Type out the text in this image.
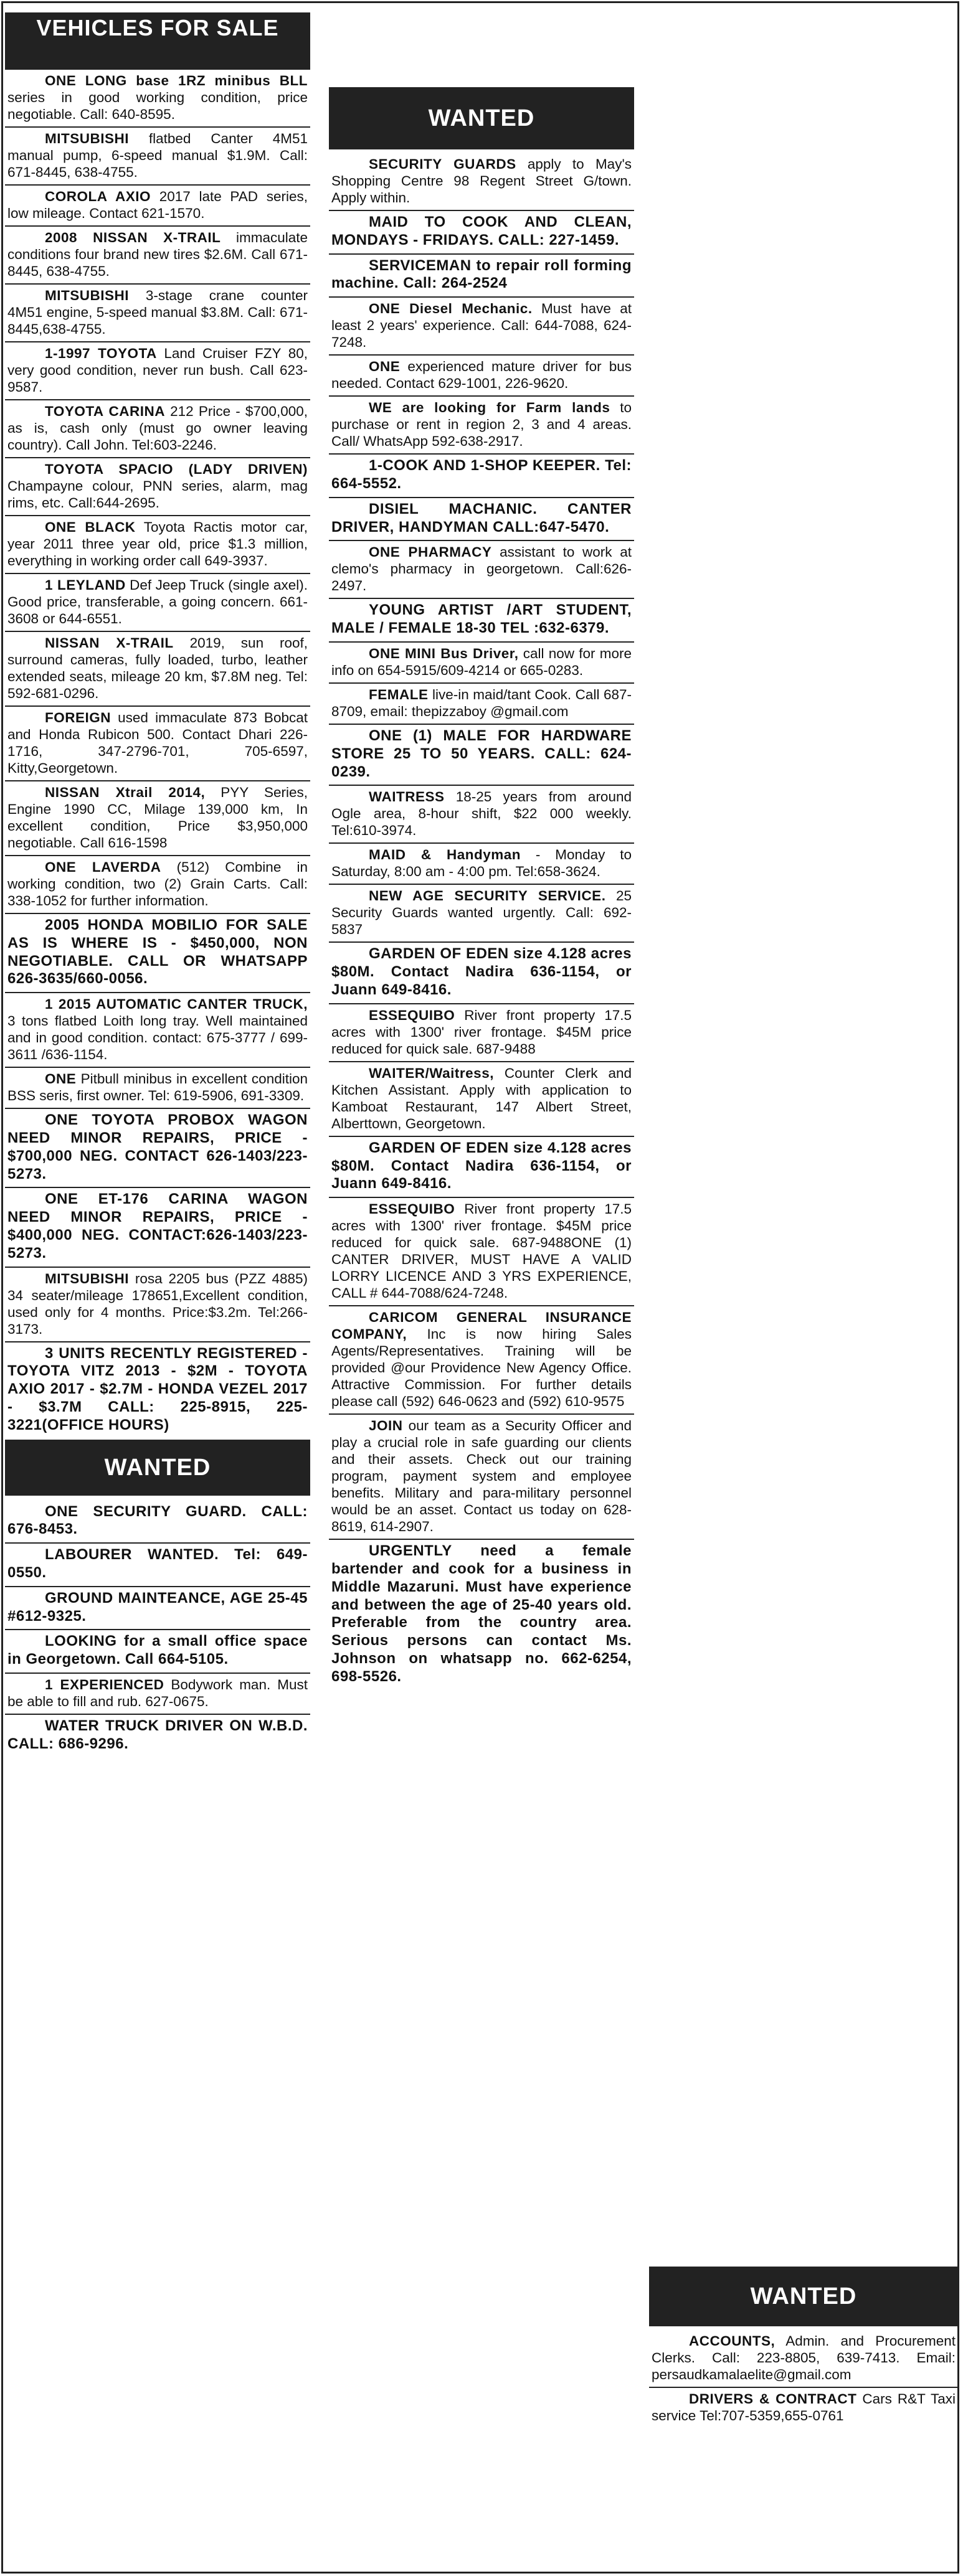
VEHICLES FOR SALE
ONE LONG base 1RZ minibus BLL series in good working condition, price negotiable. Call: 640-8595.
MITSUBISHI flatbed Canter 4M51 manual pump, 6-speed manual $1.9M. Call: 671-8445, 638-4755.
COROLA AXIO 2017 late PAD series, low mileage. Contact 621-1570.
2008 NISSAN X-TRAIL immaculate conditions four brand new tires $2.6M. Call 671-8445, 638-4755.
MITSUBISHI 3-stage crane counter 4M51 engine, 5-speed manual $3.8M. Call: 671-8445,638-4755.
1-1997 TOYOTA Land Cruiser FZY 80, very good condition, never run bush. Call 623-9587.
TOYOTA CARINA 212 Price - $700,000, as is, cash only (must go owner leaving country). Call John. Tel:603-2246.
TOYOTA SPACIO (LADY DRIVEN) Champayne colour, PNN series, alarm, mag rims, etc. Call:644-2695.
ONE BLACK Toyota Ractis motor car, year 2011 three year old, price $1.3 million, everything in working order call 649-3937.
1 LEYLAND Def Jeep Truck (single axel). Good price, transferable, a going concern. 661-3608 or 644-6551.
NISSAN X-TRAIL 2019, sun roof, surround cameras, fully loaded, turbo, leather extended seats, mileage 20 km, $7.8M neg. Tel: 592-681-0296.
FOREIGN used immaculate 873 Bobcat and Honda Rubicon 500. Contact Dhari 226-1716, 347-2796-701, 705-6597, Kitty,Georgetown.
NISSAN Xtrail 2014, PYY Series, Engine 1990 CC, Milage 139,000 km, In excellent condition, Price $3,950,000 negotiable. Call 616-1598
ONE LAVERDA (512) Combine in working condition, two (2) Grain Carts. Call: 338-1052 for further information.
2005 HONDA MOBILIO FOR SALE AS IS WHERE IS - $450,000, NON NEGOTIABLE. CALL OR WHATSAPP 626-3635/660-0056.
1 2015 AUTOMATIC CANTER TRUCK, 3 tons flatbed Loith long tray. Well maintained and in good condition. contact: 675-3777 / 699-3611 /636-1154.
ONE Pitbull minibus in excellent condition BSS seris, first owner. Tel: 619-5906, 691-3309.
ONE TOYOTA PROBOX WAGON NEED MINOR REPAIRS, PRICE - $700,000 NEG. CONTACT 626-1403/223-5273.
ONE ET-176 CARINA WAGON NEED MINOR REPAIRS, PRICE - $400,000 NEG. CONTACT:626-1403/223-5273.
MITSUBISHI rosa 2205 bus (PZZ 4885) 34 seater/mileage 178651,Excellent condition, used only for 4 months. Price:$3.2m. Tel:266-3173.
3 UNITS RECENTLY REGISTERED - TOYOTA VITZ 2013 - $2M - TOYOTA AXIO 2017 - $2.7M - HONDA VEZEL 2017 - $3.7M CALL: 225-8915, 225-3221(OFFICE HOURS)
WANTED
ONE SECURITY GUARD. CALL: 676-8453.
LABOURER WANTED. Tel: 649-0550.
GROUND MAINTEANCE, AGE 25-45 #612-9325.
LOOKING for a small office space in Georgetown. Call 664-5105.
1 EXPERIENCED Bodywork man. Must be able to fill and rub. 627-0675.
WATER TRUCK DRIVER ON W.B.D. CALL: 686-9296.
WANTED
SECURITY GUARDS apply to May's Shopping Centre 98 Regent Street G/town. Apply within.
MAID TO COOK AND CLEAN, MONDAYS - FRIDAYS. CALL: 227-1459.
SERVICEMAN to repair roll forming machine. Call: 264-2524
ONE Diesel Mechanic. Must have at least 2 years' experience. Call: 644-7088, 624-7248.
ONE experienced mature driver for bus needed. Contact 629-1001, 226-9620.
WE are looking for Farm lands to purchase or rent in region 2, 3 and 4 areas. Call/ WhatsApp 592-638-2917.
1-COOK AND 1-SHOP KEEPER. Tel: 664-5552.
DISIEL MACHANIC. CANTER DRIVER, HANDYMAN CALL:647-5470.
ONE PHARMACY assistant to work at clemo's pharmacy in georgetown. Call:626-2497.
YOUNG ARTIST /ART STUDENT, MALE / FEMALE 18-30 TEL :632-6379.
ONE MINI Bus Driver, call now for more info on 654-5915/609-4214 or 665-0283.
FEMALE live-in maid/tant Cook. Call 687-8709, email: thepizzaboy @gmail.com
ONE (1) MALE FOR HARDWARE STORE 25 TO 50 YEARS. CALL: 624-0239.
WAITRESS 18-25 years from around Ogle area, 8-hour shift, $22 000 weekly. Tel:610-3974.
MAID & Handyman - Monday to Saturday, 8:00 am - 4:00 pm. Tel:658-3624.
NEW AGE SECURITY SERVICE. 25 Security Guards wanted urgently. Call: 692-5837
GARDEN OF EDEN size 4.128 acres $80M. Contact Nadira 636-1154, or Juann 649-8416.
ESSEQUIBO River front property 17.5 acres with 1300' river frontage. $45M price reduced for quick sale. 687-9488
WAITER/Waitress, Counter Clerk and Kitchen Assistant. Apply with application to Kamboat Restaurant, 147 Albert Street, Alberttown, Georgetown.
GARDEN OF EDEN size 4.128 acres $80M. Contact Nadira 636-1154, or Juann 649-8416.
ESSEQUIBO River front property 17.5 acres with 1300' river frontage. $45M price reduced for quick sale. 687-9488ONE (1) CANTER DRIVER, MUST HAVE A VALID LORRY LICENCE AND 3 YRS EXPERIENCE, CALL # 644-7088/624-7248.
CARICOM GENERAL INSURANCE COMPANY, Inc is now hiring Sales Agents/Representatives. Training will be provided @our Providence New Agency Office. Attractive Commission. For further details please call (592) 646-0623 and (592) 610-9575
JOIN our team as a Security Officer and play a crucial role in safe guarding our clients and their assets. Check out our training program, payment system and employee benefits. Military and para-military personnel would be an asset. Contact us today on 628-8619, 614-2907.
URGENTLY need a female bartender and cook for a business in Middle Mazaruni. Must have experience and between the age of 25-40 years old. Preferable from the country area. Serious persons can contact Ms. Johnson on whatsapp no. 662-6254, 698-5526.
WANTED
ACCOUNTS, Admin. and Procurement Clerks. Call: 223-8805, 639-7413. Email: persaudkamalaelite@gmail.com
DRIVERS & CONTRACT Cars R&T Taxi service Tel:707-5359,655-0761
